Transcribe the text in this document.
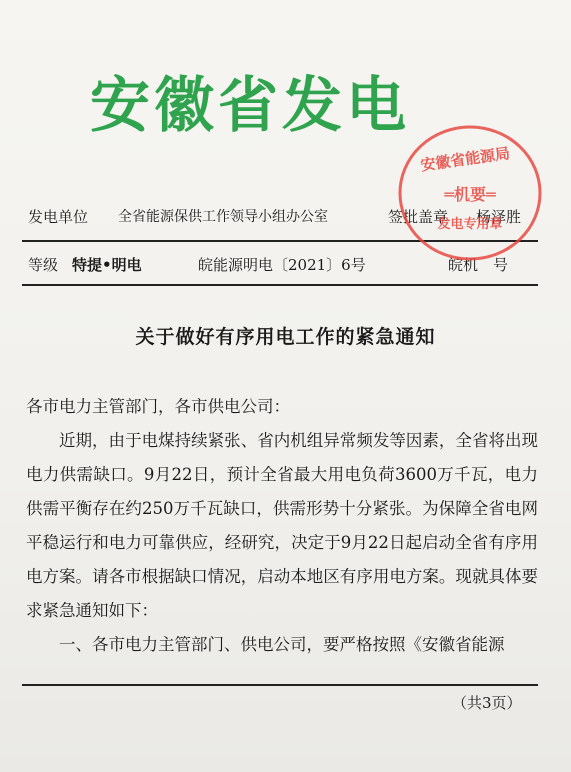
安徽省发电
发电单位 全省能源保供工作领导小组办公室	签批盖章 杨泽胜
等级 特提•明电	皖能源明电〔2021〕6号	皖机　号
关于做好有序用电工作的紧急通知

各市电力主管部门，各市供电公司：

近期，由于电煤持续紧张、省内机组异常频发等因素，全省将出现电力供需缺口。9月22日，预计全省最大用电负荷3600万千瓦，电力供需平衡存在约250万千瓦缺口，供需形势十分紧张。为保障全省电网平稳运行和电力可靠供应，经研究，决定于9月22日起启动全省有序用电方案。请各市根据缺口情况，启动本地区有序用电方案。现就具体要求紧急通知如下：

一、各市电力主管部门、供电公司，要严格按照《安徽省能源

（共3页）
安徽省能源局
═机要═
发电专用章
